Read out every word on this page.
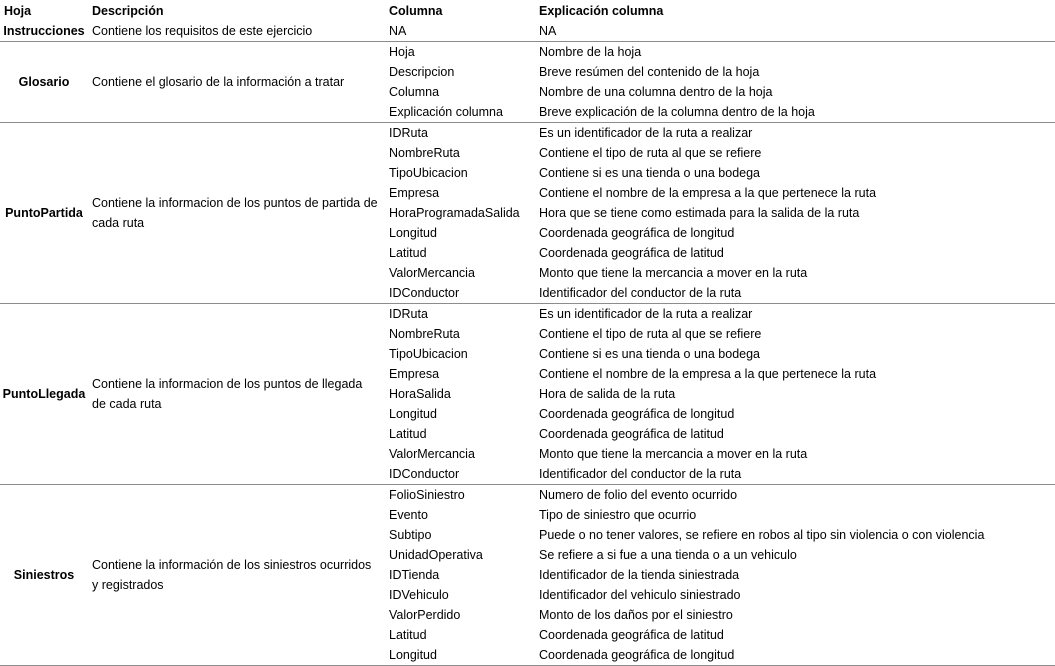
Hoja	Descripción	Columna	Explicación columna
Instrucciones	Contiene los requisitos de este ejercicio	NA	NA
Glosario	Contiene el glosario de la información a tratar	Hoja	Nombre de la hoja
		Descripcion	Breve resúmen del contenido de la hoja
		Columna	Nombre de una columna dentro de la hoja
		Explicación columna	Breve explicación de la columna dentro de la hoja
PuntoPartida	Contiene la informacion de los puntos de partida de cada ruta	IDRuta	Es un identificador de la ruta a realizar
		NombreRuta	Contiene el tipo de ruta al que se refiere
		TipoUbicacion	Contiene si es una tienda o una bodega
		Empresa	Contiene el nombre de la empresa a la que pertenece la ruta
		HoraProgramadaSalida	Hora que se tiene como estimada para la salida de la ruta
		Longitud	Coordenada geográfica de longitud
		Latitud	Coordenada geográfica de latitud
		ValorMercancia	Monto que tiene la mercancia a mover en la ruta
		IDConductor	Identificador del conductor de la ruta
PuntoLlegada	Contiene la informacion de los puntos de llegada de cada ruta	IDRuta	Es un identificador de la ruta a realizar
		NombreRuta	Contiene el tipo de ruta al que se refiere
		TipoUbicacion	Contiene si es una tienda o una bodega
		Empresa	Contiene el nombre de la empresa a la que pertenece la ruta
		HoraSalida	Hora de salida de la ruta
		Longitud	Coordenada geográfica de longitud
		Latitud	Coordenada geográfica de latitud
		ValorMercancia	Monto que tiene la mercancia a mover en la ruta
		IDConductor	Identificador del conductor de la ruta
Siniestros	Contiene la información de los siniestros ocurridos y registrados	FolioSiniestro	Numero de folio del evento ocurrido
		Evento	Tipo de siniestro que ocurrio
		Subtipo	Puede o no tener valores, se refiere en robos al tipo sin violencia o con violencia
		UnidadOperativa	Se refiere a si fue a una tienda o a un vehiculo
		IDTienda	Identificador de la tienda siniestrada
		IDVehiculo	Identificador del vehiculo siniestrado
		ValorPerdido	Monto de los daños por el siniestro
		Latitud	Coordenada geográfica de latitud
		Longitud	Coordenada geográfica de longitud
